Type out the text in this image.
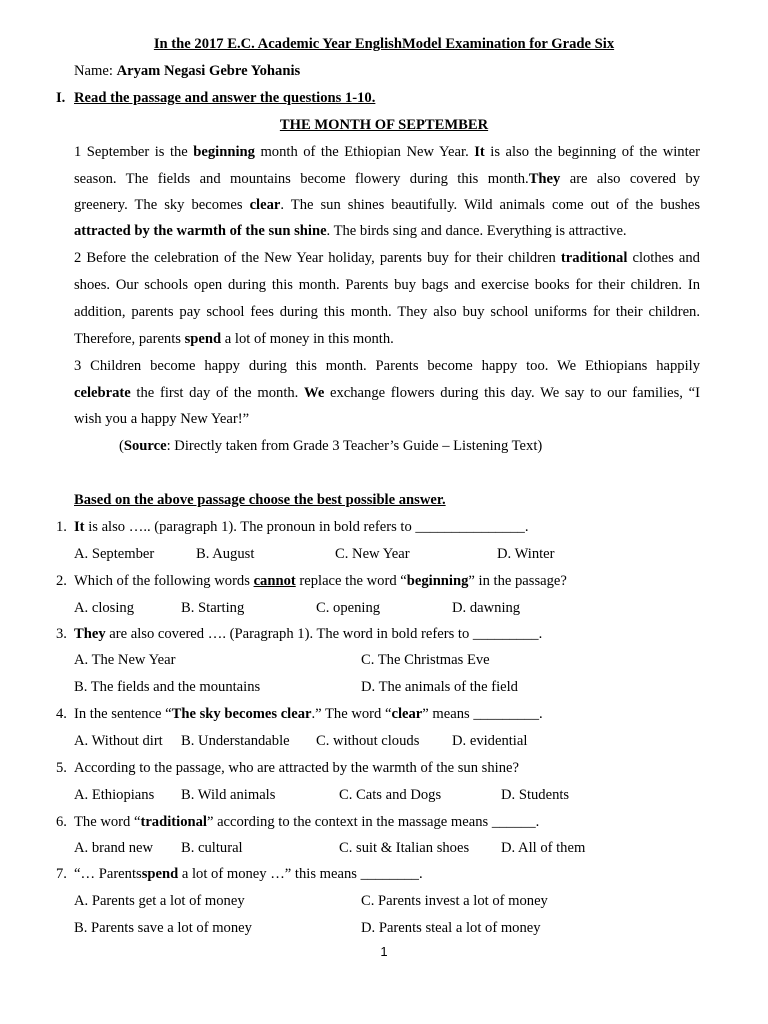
In the 2017 E.C. Academic Year EnglishModel Examination for Grade Six
Name: Aryam Negasi Gebre Yohanis
I. Read the passage and answer the questions 1-10.
THE MONTH OF SEPTEMBER
1 September is the beginning month of the Ethiopian New Year. It is also the beginning of the winter
season. The fields and mountains become flowery during this month.They are also covered by
greenery. The sky becomes clear. The sun shines beautifully. Wild animals come out of the bushes
attracted by the warmth of the sun shine. The birds sing and dance. Everything is attractive.
2 Before the celebration of the New Year holiday, parents buy for their children traditional clothes and
shoes. Our schools open during this month. Parents buy bags and exercise books for their children. In
addition, parents pay school fees during this month. They also buy school uniforms for their children.
Therefore, parents spend a lot of money in this month.
3 Children become happy during this month. Parents become happy too. We Ethiopians happily
celebrate the first day of the month. We exchange flowers during this day. We say to our families, “I
wish you a happy New Year!”
(Source: Directly taken from Grade 3 Teacher’s Guide – Listening Text)
Based on the above passage choose the best possible answer.
1. It is also ….. (paragraph 1). The pronoun in bold refers to _______________.
A. September	B. August	C. New Year	D. Winter
2. Which of the following words cannot replace the word “beginning” in the passage?
A. closing	B. Starting	C. opening	D. dawning
3. They are also covered …. (Paragraph 1). The word in bold refers to _________.
A. The New Year	C. The Christmas Eve
B. The fields and the mountains	D. The animals of the field
4. In the sentence “The sky becomes clear.” The word “clear” means _________.
A. Without dirt B. Understandable C. without clouds D. evidential
5. According to the passage, who are attracted by the warmth of the sun shine?
A. Ethiopians B. Wild animals	C. Cats and Dogs	D. Students
6. The word “traditional” according to the context in the massage means ______.
A. brand new B. cultural	C. suit & Italian shoes D. All of them
7. “… Parentsspend a lot of money …” this means ________.
A. Parents get a lot of money	C. Parents invest a lot of money
B. Parents save a lot of money	D. Parents steal a lot of money
1
